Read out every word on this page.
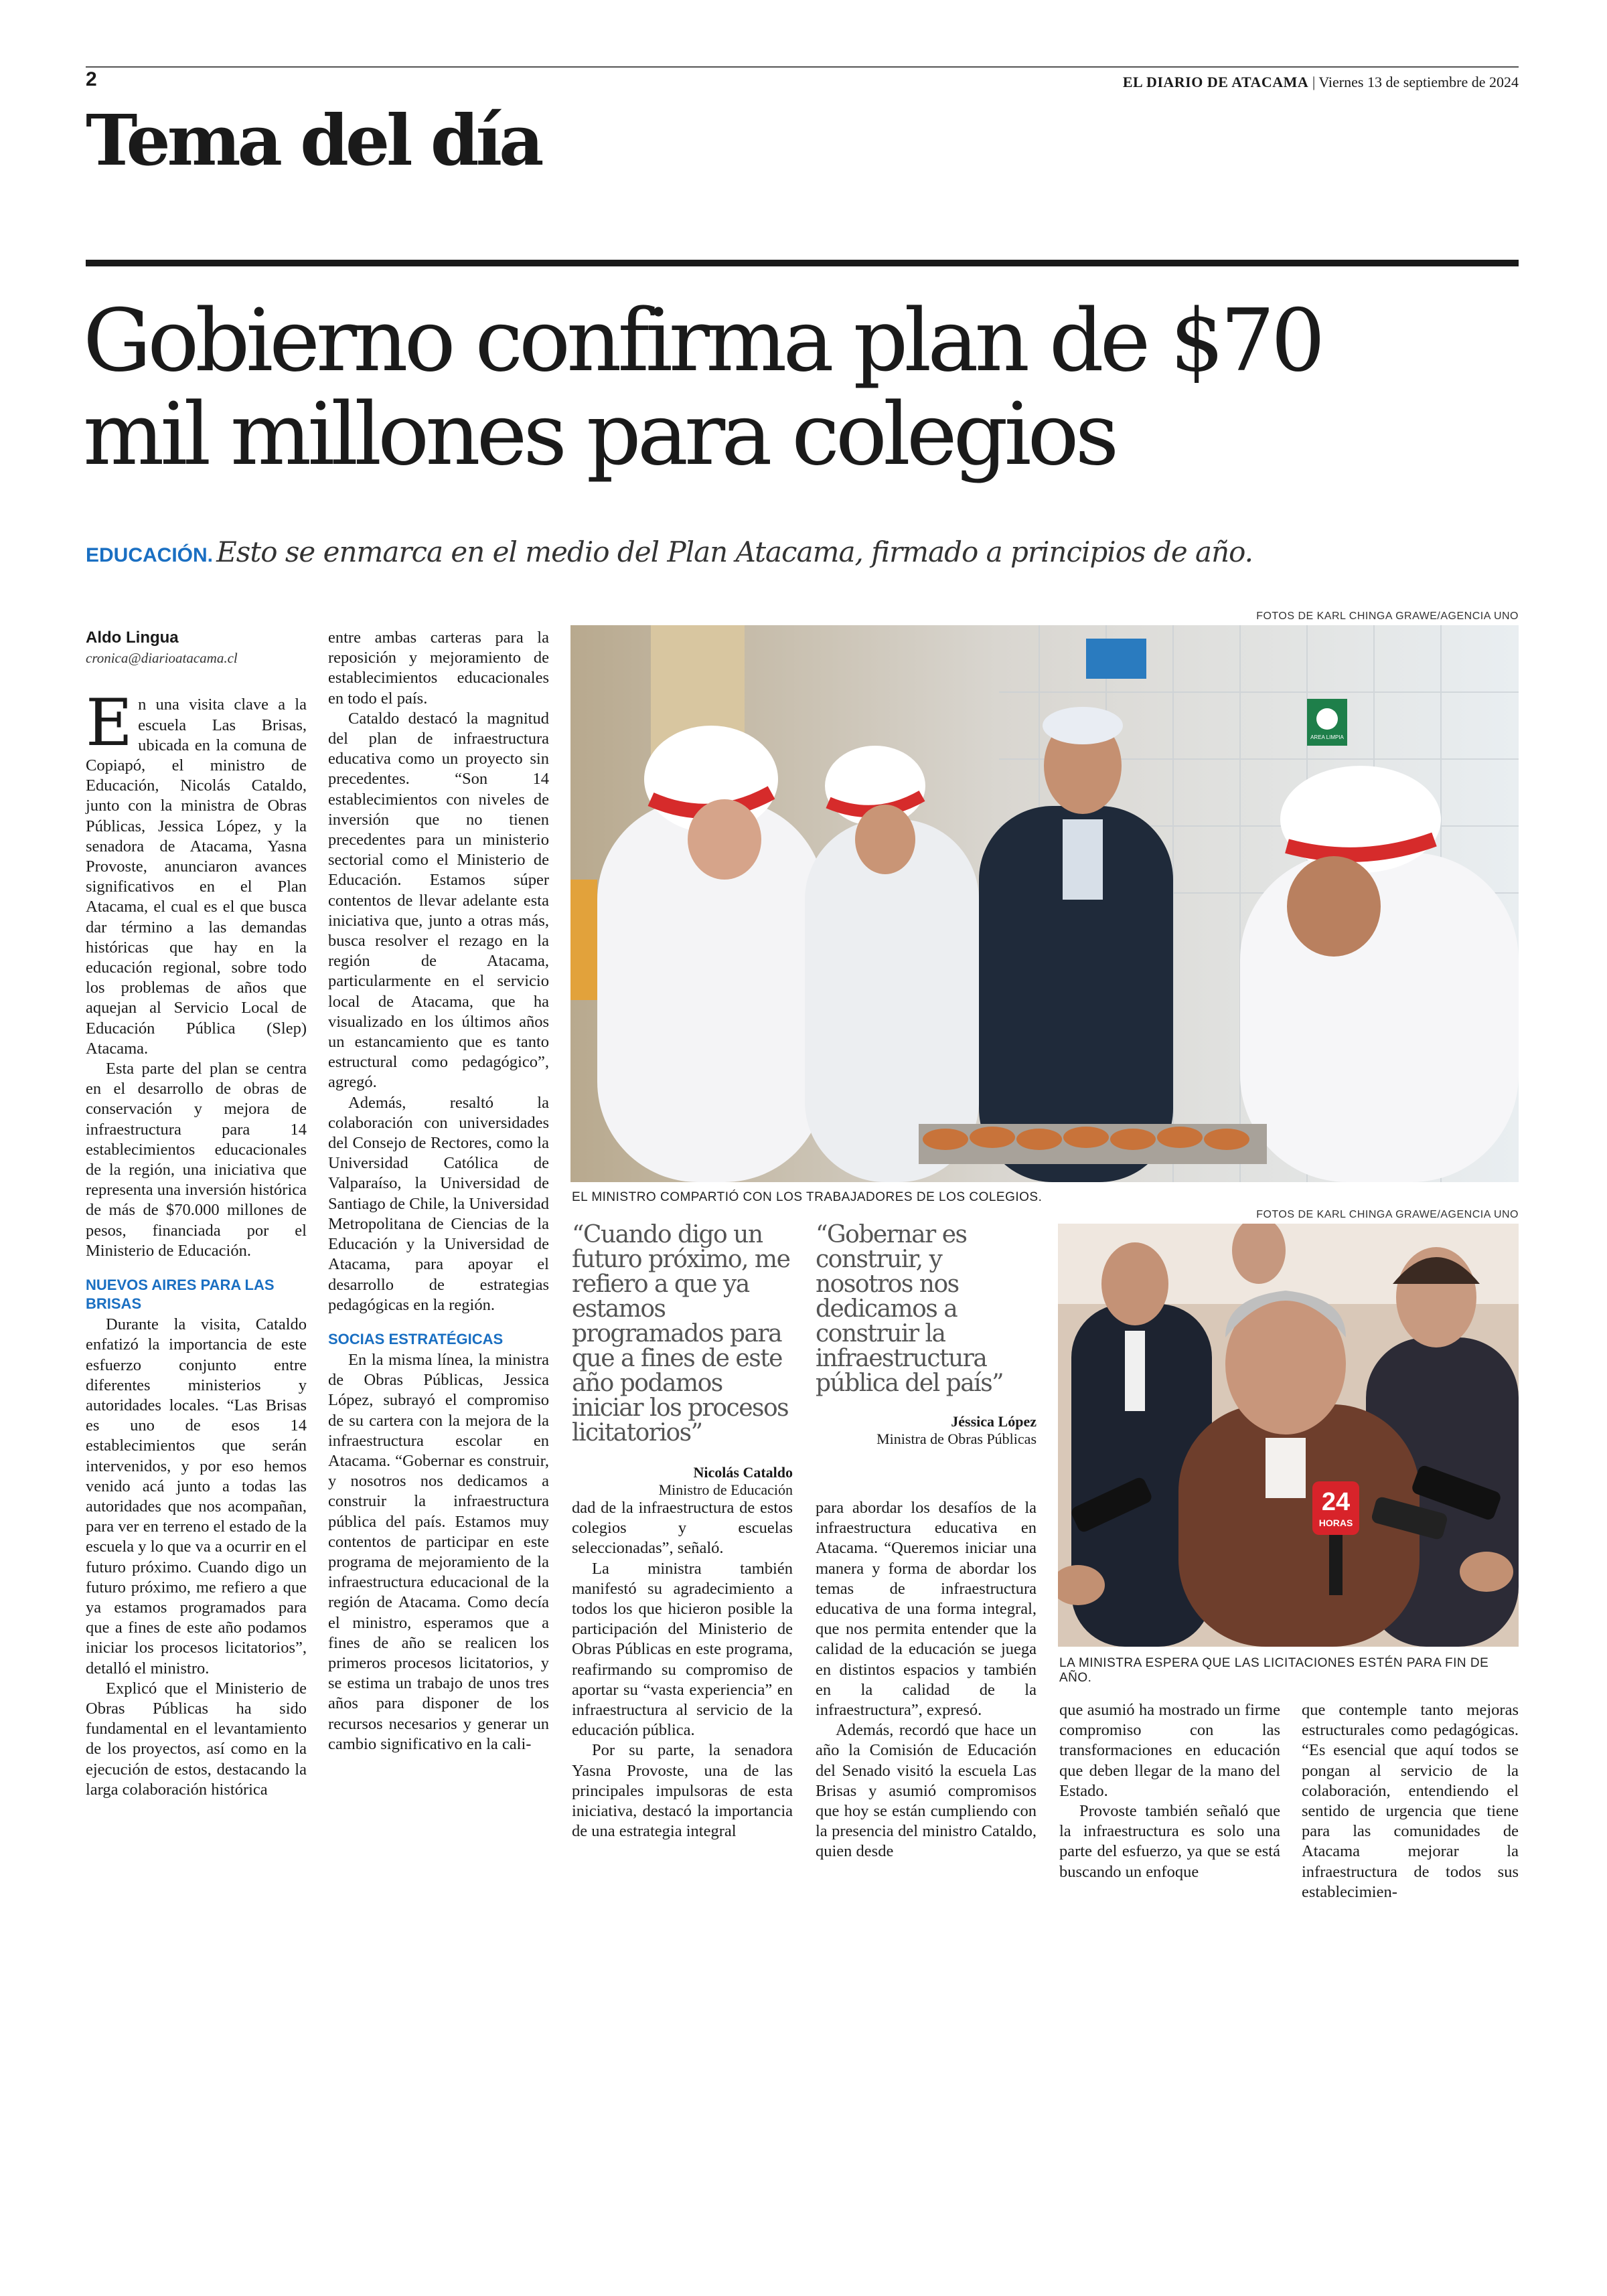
2	EL DIARIO DE ATACAMA | Viernes 13 de septiembre de 2024
Tema del día
Gobierno confirma plan de $70
mil millones para colegios
EDUCACIÓN. Esto se enmarca en el medio del Plan Atacama, firmado a principios de año.
Aldo Lingua
cronica@diarioatacama.cl

En una visita clave a la escuela Las Brisas, ubicada en la comuna de Copiapó, el ministro de Educación, Nicolás Cataldo, junto con la ministra de Obras Públicas, Jessica López, y la senadora de Atacama, Yasna Provoste, anunciaron avances significativos en el Plan Atacama, el cual es el que busca dar término a las demandas históricas que hay en la educación regional, sobre todo los problemas de años que aquejan al Servicio Local de Educación Pública (Slep) Atacama.

Esta parte del plan se centra en el desarrollo de obras de conservación y mejora de infraestructura para 14 establecimientos educacionales de la región, una iniciativa que representa una inversión histórica de más de $70.000 millones de pesos, financiada por el Ministerio de Educación.

NUEVOS AIRES PARA LAS BRISAS

Durante la visita, Cataldo enfatizó la importancia de este esfuerzo conjunto entre diferentes ministerios y autoridades locales. “Las Brisas es uno de esos 14 establecimientos que serán intervenidos, y por eso hemos venido acá junto a todas las autoridades que nos acompañan, para ver en terreno el estado de la escuela y lo que va a ocurrir en el futuro próximo. Cuando digo un futuro próximo, me refiero a que ya estamos programados para que a fines de este año podamos iniciar los procesos licitatorios”, detalló el ministro.

Explicó que el Ministerio de Obras Públicas ha sido fundamental en el levantamiento de los proyectos, así como en la ejecución de estos, destacando la larga colaboración histórica

entre ambas carteras para la reposición y mejoramiento de establecimientos educacionales en todo el país.

Cataldo destacó la magnitud del plan de infraestructura educativa como un proyecto sin precedentes. “Son 14 establecimientos con niveles de inversión que no tienen precedentes para un ministerio sectorial como el Ministerio de Educación. Estamos súper contentos de llevar adelante esta iniciativa que, junto a otras más, busca resolver el rezago en la región de Atacama, particularmente en el servicio local de Atacama, que ha visualizado en los últimos años un estancamiento que es tanto estructural como pedagógico”, agregó.

Además, resaltó la colaboración con universidades del Consejo de Rectores, como la Universidad Católica de Valparaíso, la Universidad de Santiago de Chile, la Universidad Metropolitana de Ciencias de la Educación y la Universidad de Atacama, para apoyar el desarrollo de estrategias pedagógicas en la región.

SOCIAS ESTRATÉGICAS

En la misma línea, la ministra de Obras Públicas, Jessica López, subrayó el compromiso de su cartera con la mejora de la infraestructura escolar en Atacama. “Gobernar es construir, y nosotros nos dedicamos a construir la infraestructura pública del país. Estamos muy contentos de participar en este programa de mejoramiento de la infraestructura educacional de la región de Atacama. Como decía el ministro, esperamos que a fines de año se realicen los primeros procesos licitatorios, y se estima un trabajo de unos tres años para disponer de los recursos necesarios y generar un cambio significativo en la cali-

FOTOS DE KARL CHINGA GRAWE/AGENCIA UNO
AREA LIMPIA
EL MINISTRO COMPARTIÓ CON LOS TRABAJADORES DE LOS COLEGIOS.
“Cuando digo un futuro próximo, me refiero a que ya estamos programados para que a fines de este año podamos iniciar los procesos licitatorios”
Nicolás Cataldo
Ministro de Educación
“Gobernar es construir, y nosotros nos dedicamos a construir la infraestructura pública del país”
Jéssica López
Ministra de Obras Públicas
FOTOS DE KARL CHINGA GRAWE/AGENCIA UNO
24
HORAS
LA MINISTRA ESPERA QUE LAS LICITACIONES ESTÉN PARA FIN DE AÑO.

dad de la infraestructura de estos colegios y escuelas seleccionadas”, señaló.

La ministra también manifestó su agradecimiento a todos los que hicieron posible la participación del Ministerio de Obras Públicas en este programa, reafirmando su compromiso de aportar su “vasta experiencia” en infraestructura al servicio de la educación pública.

Por su parte, la senadora Yasna Provoste, una de las principales impulsoras de esta iniciativa, destacó la importancia de una estrategia integral

para abordar los desafíos de la infraestructura educativa en Atacama. “Queremos iniciar una manera y forma de abordar los temas de infraestructura educativa de una forma integral, que nos permita entender que la calidad de la educación se juega en distintos espacios y también en la calidad de la infraestructura”, expresó.

Además, recordó que hace un año la Comisión de Educación del Senado visitó la escuela Las Brisas y asumió compromisos que hoy se están cumpliendo con la presencia del ministro Cataldo, quien desde

que asumió ha mostrado un firme compromiso con las transformaciones en educación que deben llegar de la mano del Estado.

Provoste también señaló que la infraestructura es solo una parte del esfuerzo, ya que se está buscando un enfoque

que contemple tanto mejoras estructurales como pedagógicas. “Es esencial que aquí todos se pongan al servicio de la colaboración, entendiendo el sentido de urgencia que tiene para las comunidades de Atacama mejorar la infraestructura de todos sus establecimien-
